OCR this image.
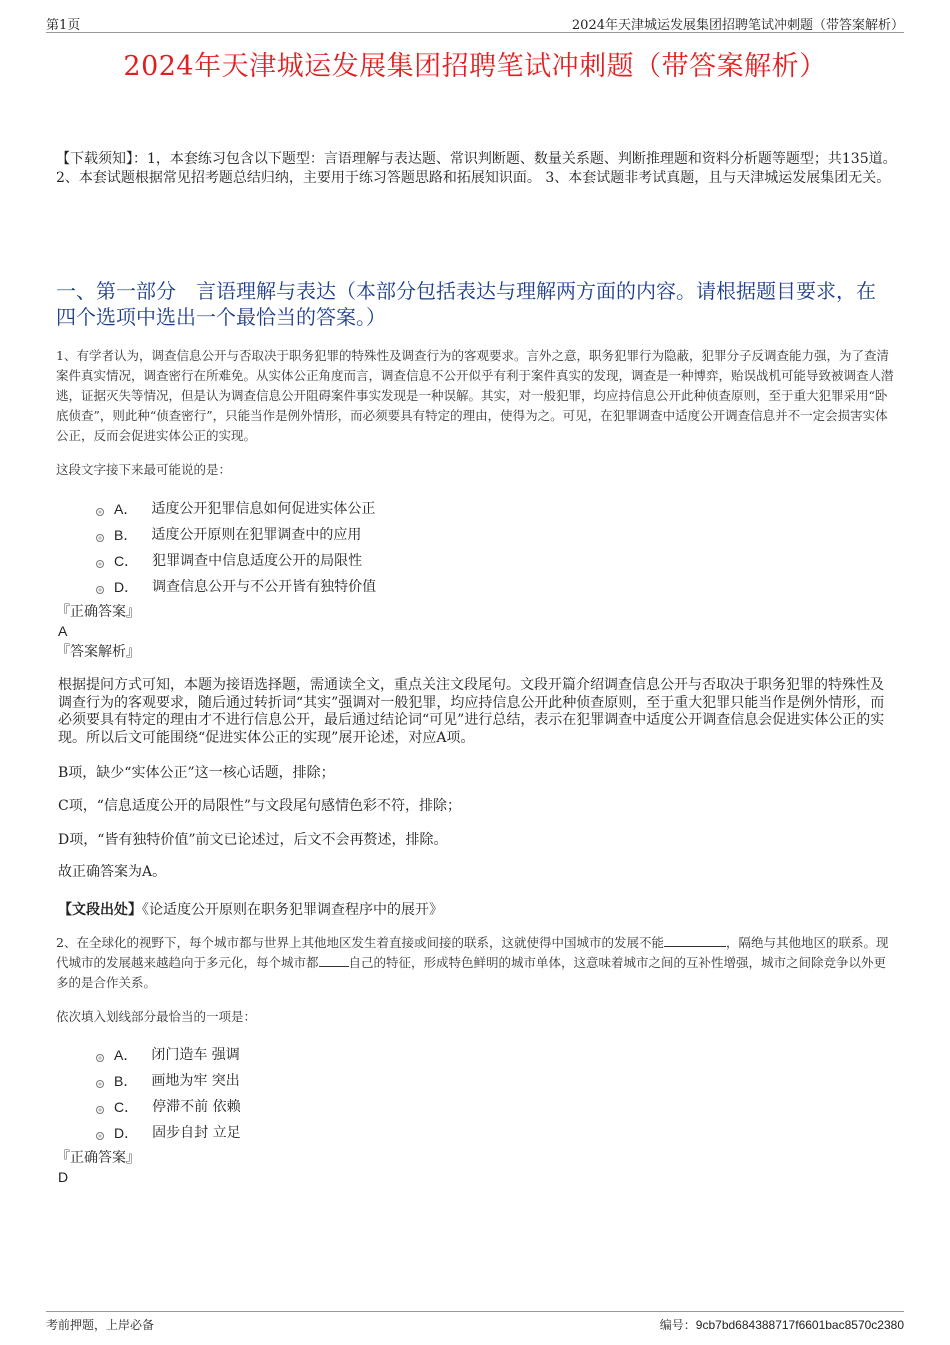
第1页	2024年天津城运发展集团招聘笔试冲刺题（带答案解析）
2024年天津城运发展集团招聘笔试冲刺题（带答案解析）
【下载须知】：1，本套练习包含以下题型：言语理解与表达题、常识判断题、数量关系题、判断推理题和资料分析题等题型；共135道。 2、本套试题根据常见招考题总结归纳，主要用于练习答题思路和拓展知识面。 3、本套试题非考试真题，且与天津城运发展集团无关。
一、第一部分　言语理解与表达（本部分包括表达与理解两方面的内容。请根据题目要求，在四个选项中选出一个最恰当的答案。）
1、有学者认为，调查信息公开与否取决于职务犯罪的特殊性及调查行为的客观要求。言外之意，职务犯罪行为隐蔽，犯罪分子反调查能力强，为了查清案件真实情况，调查密行在所难免。从实体公正角度而言，调查信息不公开似乎有利于案件真实的发现，调查是一种博弈，贻误战机可能导致被调查人潜逃，证据灭失等情况，但是认为调查信息公开阻碍案件事实发现是一种误解。其实，对一般犯罪，均应持信息公开此种侦查原则，至于重大犯罪采用“卧底侦查”，则此种“侦查密行”，只能当作是例外情形，而必须要具有特定的理由，使得为之。可见，在犯罪调查中适度公开调查信息并不一定会损害实体公正，反而会促进实体公正的实现。
这段文字接下来最可能说的是：
A． 适度公开犯罪信息如何促进实体公正
B． 适度公开原则在犯罪调查中的应用
C． 犯罪调查中信息适度公开的局限性
D． 调查信息公开与不公开皆有独特价值
『正确答案』
A
『答案解析』
根据提问方式可知，本题为接语选择题，需通读全文，重点关注文段尾句。文段开篇介绍调查信息公开与否取决于职务犯罪的特殊性及调查行为的客观要求，随后通过转折词“其实”强调对一般犯罪，均应持信息公开此种侦查原则，至于重大犯罪只能当作是例外情形，而必须要具有特定的理由才不进行信息公开，最后通过结论词“可见”进行总结，表示在犯罪调查中适度公开调查信息会促进实体公正的实现。所以后文可能围绕“促进实体公正的实现”展开论述，对应A项。
B项，缺少“实体公正”这一核心话题，排除；
C项，“信息适度公开的局限性”与文段尾句感情色彩不符，排除；
D项，“皆有独特价值”前文已论述过，后文不会再赘述，排除。
故正确答案为A。
【文段出处】《论适度公开原则在职务犯罪调查程序中的展开》
2、在全球化的视野下，每个城市都与世界上其他地区发生着直接或间接的联系，这就使得中国城市的发展不能	，隔绝与其他地区的联系。现代城市的发展越来越趋向于多元化，每个城市都 自己的特征，形成特色鲜明的城市单体，这意味着城市之间的互补性增强，城市之间除竞争以外更多的是合作关系。
依次填入划线部分最恰当的一项是：
A． 闭门造车 强调
B． 画地为牢 突出
C． 停滞不前 依赖
D． 固步自封 立足
『正确答案』
D
考前押题，上岸必备	编号：9cb7bd684388717f6601bac8570c2380
